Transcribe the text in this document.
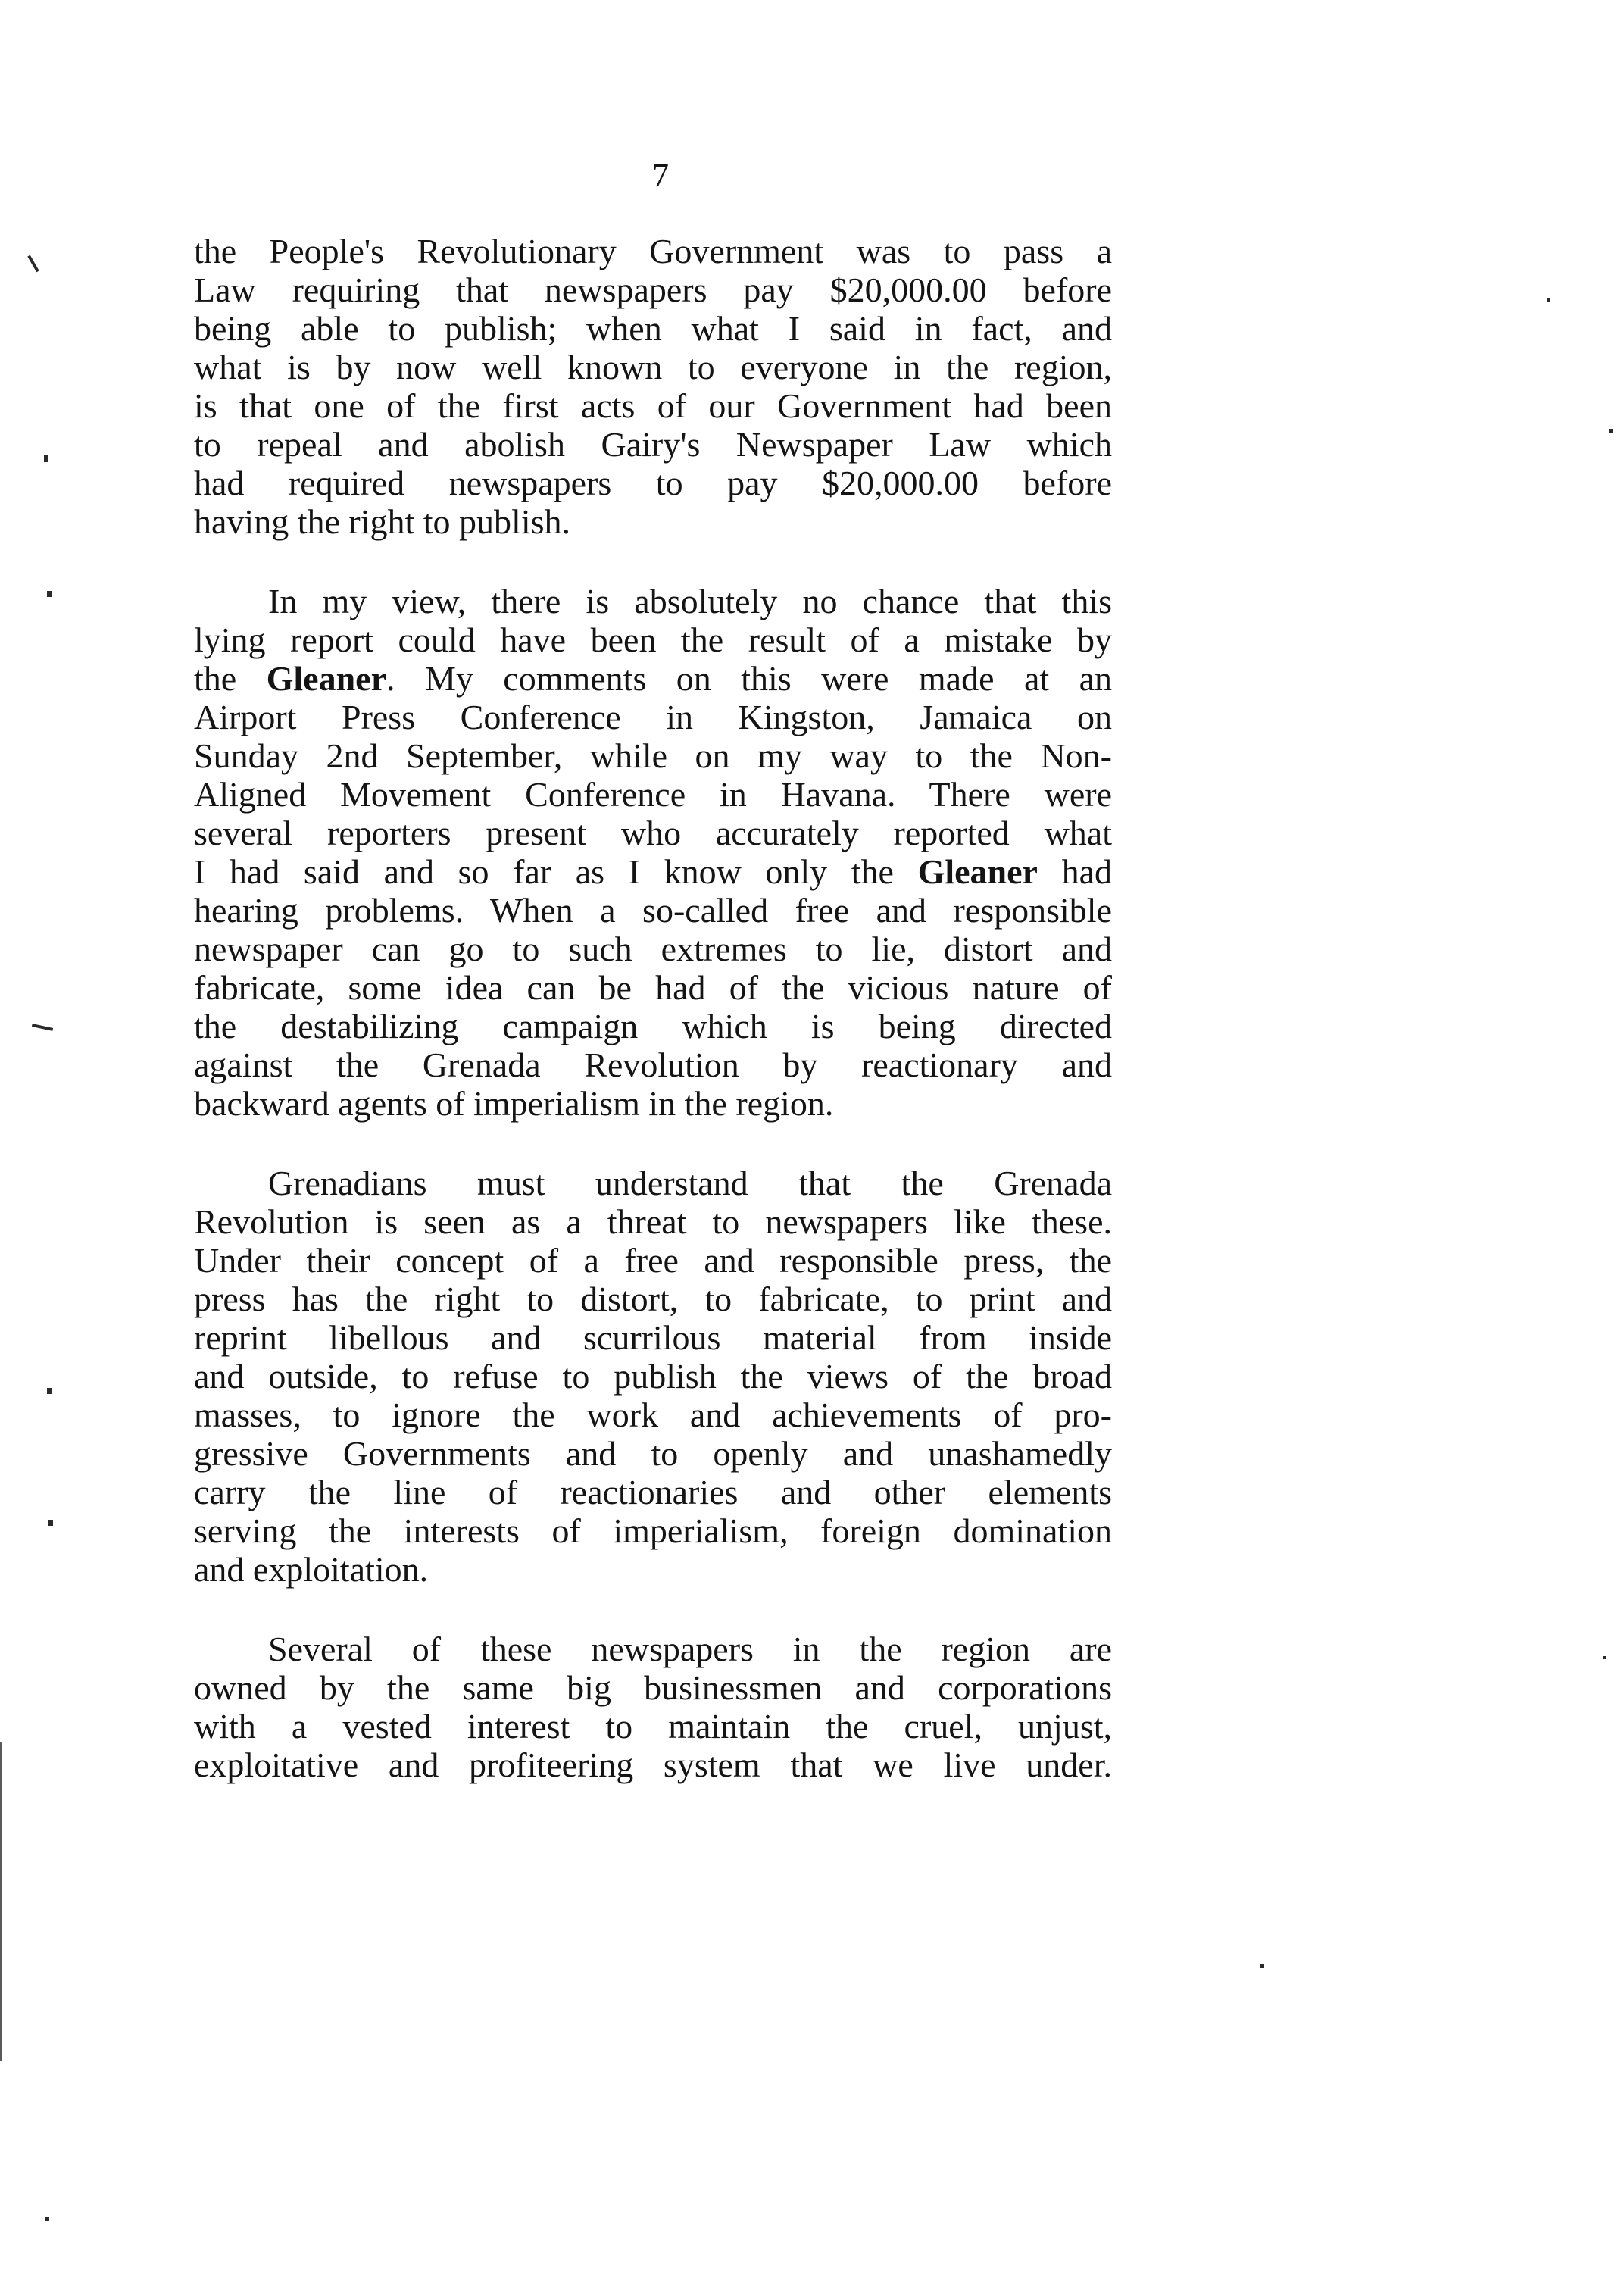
7
the People's Revolutionary Government was to pass a
Law requiring that newspapers pay $20,000.00 before
being able to publish; when what I said in fact, and
what is by now well known to everyone in the region,
is that one of the first acts of our Government had been
to repeal and abolish Gairy's Newspaper Law which
had required newspapers to pay $20,000.00 before
having the right to publish.
In my view, there is absolutely no chance that this
lying report could have been the result of a mistake by
the Gleaner. My comments on this were made at an
Airport Press Conference in Kingston, Jamaica on
Sunday 2nd September, while on my way to the Non-
Aligned Movement Conference in Havana. There were
several reporters present who accurately reported what
I had said and so far as I know only the Gleaner had
hearing problems. When a so-called free and responsible
newspaper can go to such extremes to lie, distort and
fabricate, some idea can be had of the vicious nature of
the destabilizing campaign which is being directed
against the Grenada Revolution by reactionary and
backward agents of imperialism in the region.
Grenadians must understand that the Grenada
Revolution is seen as a threat to newspapers like these.
Under their concept of a free and responsible press, the
press has the right to distort, to fabricate, to print and
reprint libellous and scurrilous material from inside
and outside, to refuse to publish the views of the broad
masses, to ignore the work and achievements of pro-
gressive Governments and to openly and unashamedly
carry the line of reactionaries and other elements
serving the interests of imperialism, foreign domination
and exploitation.
Several of these newspapers in the region are
owned by the same big businessmen and corporations
with a vested interest to maintain the cruel, unjust,
exploitative and profiteering system that we live under.
